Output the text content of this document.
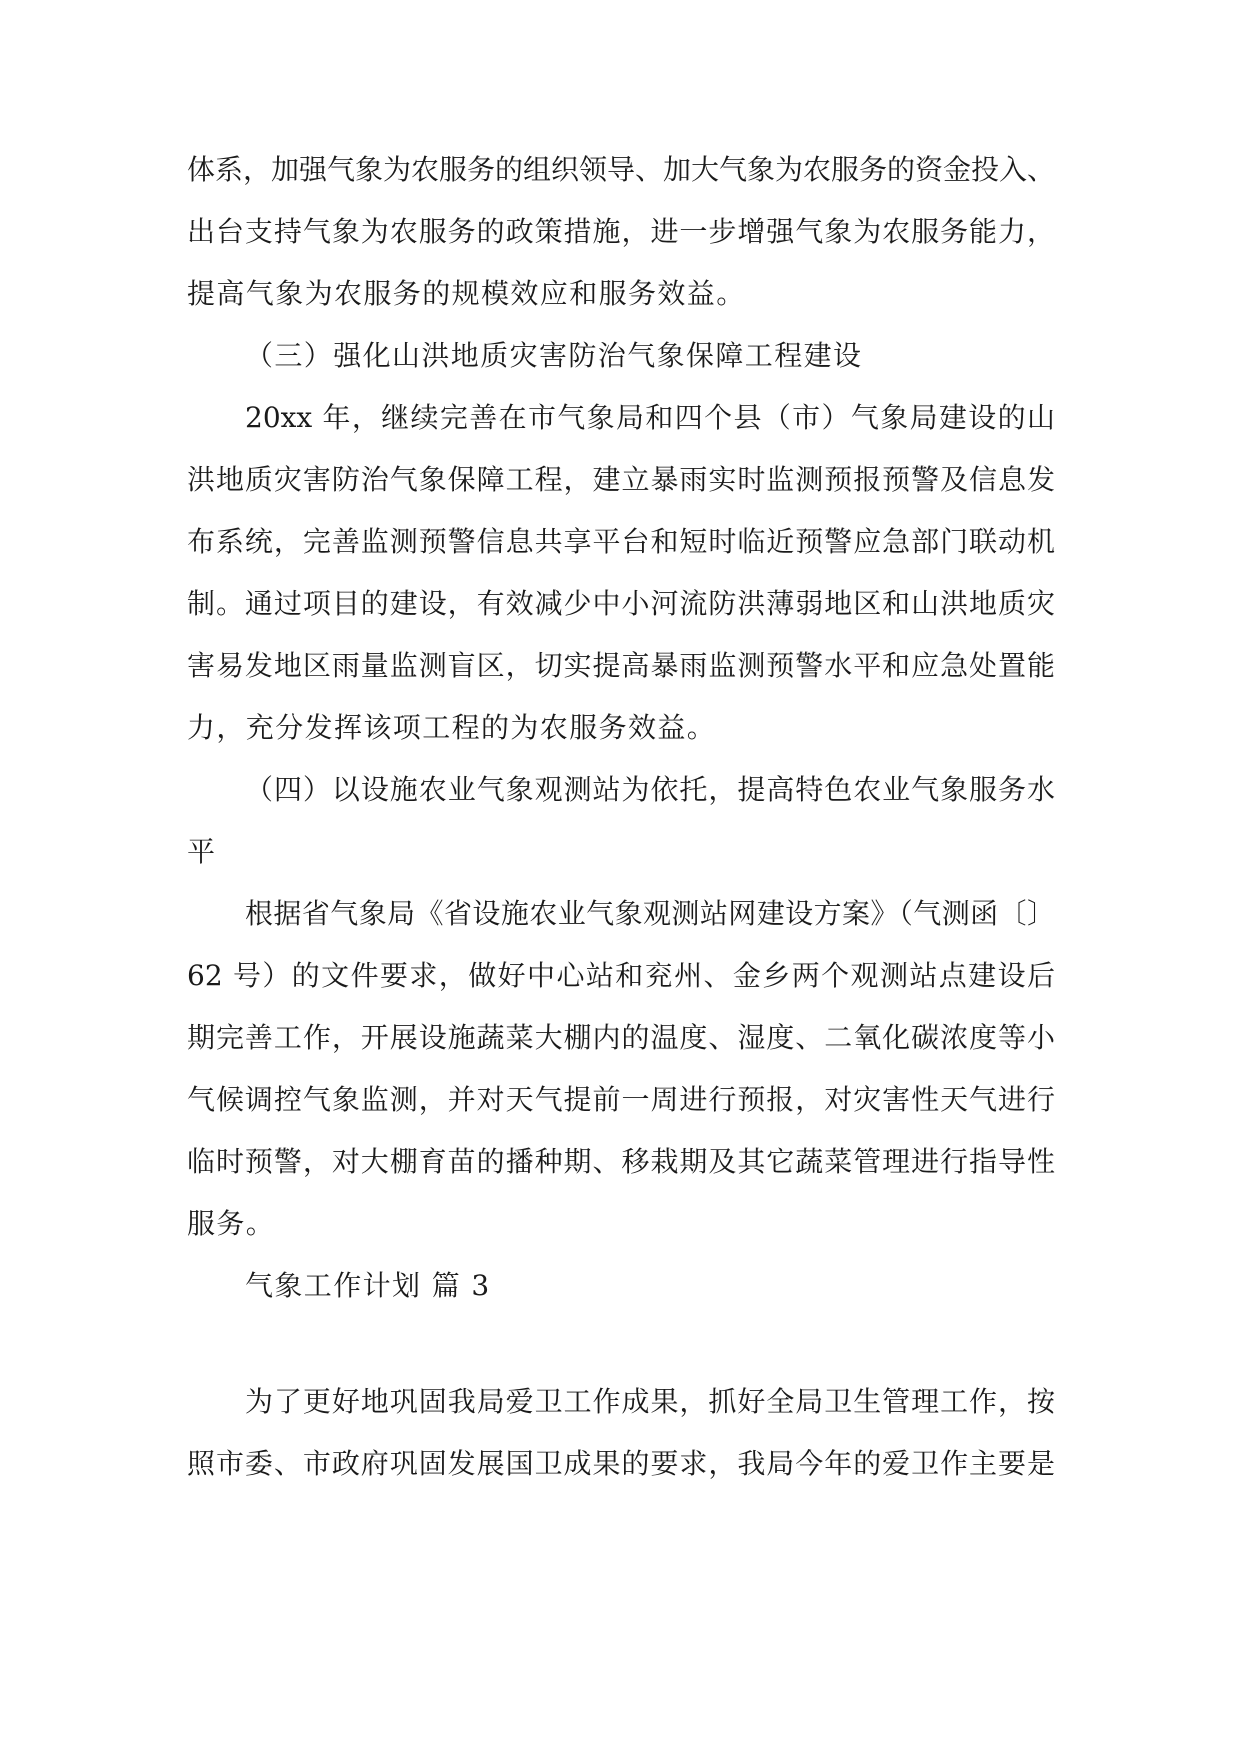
体系，加强气象为农服务的组织领导、加大气象为农服务的资金投入、
出台支持气象为农服务的政策措施，进一步增强气象为农服务能力，
提高气象为农服务的规模效应和服务效益。
（三）强化山洪地质灾害防治气象保障工程建设
20xx 年，继续完善在市气象局和四个县（市）气象局建设的山
洪地质灾害防治气象保障工程，建立暴雨实时监测预报预警及信息发
布系统，完善监测预警信息共享平台和短时临近预警应急部门联动机
制。通过项目的建设，有效减少中小河流防洪薄弱地区和山洪地质灾
害易发地区雨量监测盲区，切实提高暴雨监测预警水平和应急处置能
力，充分发挥该项工程的为农服务效益。
（四）以设施农业气象观测站为依托，提高特色农业气象服务水
平
根据省气象局《省设施农业气象观测站网建设方案》（气测函〔〕
62 号）的文件要求，做好中心站和兖州、金乡两个观测站点建设后
期完善工作，开展设施蔬菜大棚内的温度、湿度、二氧化碳浓度等小
气候调控气象监测，并对天气提前一周进行预报，对灾害性天气进行
临时预警，对大棚育苗的播种期、移栽期及其它蔬菜管理进行指导性
服务。
气象工作计划 篇 3
为了更好地巩固我局爱卫工作成果，抓好全局卫生管理工作，按
照市委、市政府巩固发展国卫成果的要求，我局今年的爱卫作主要是
